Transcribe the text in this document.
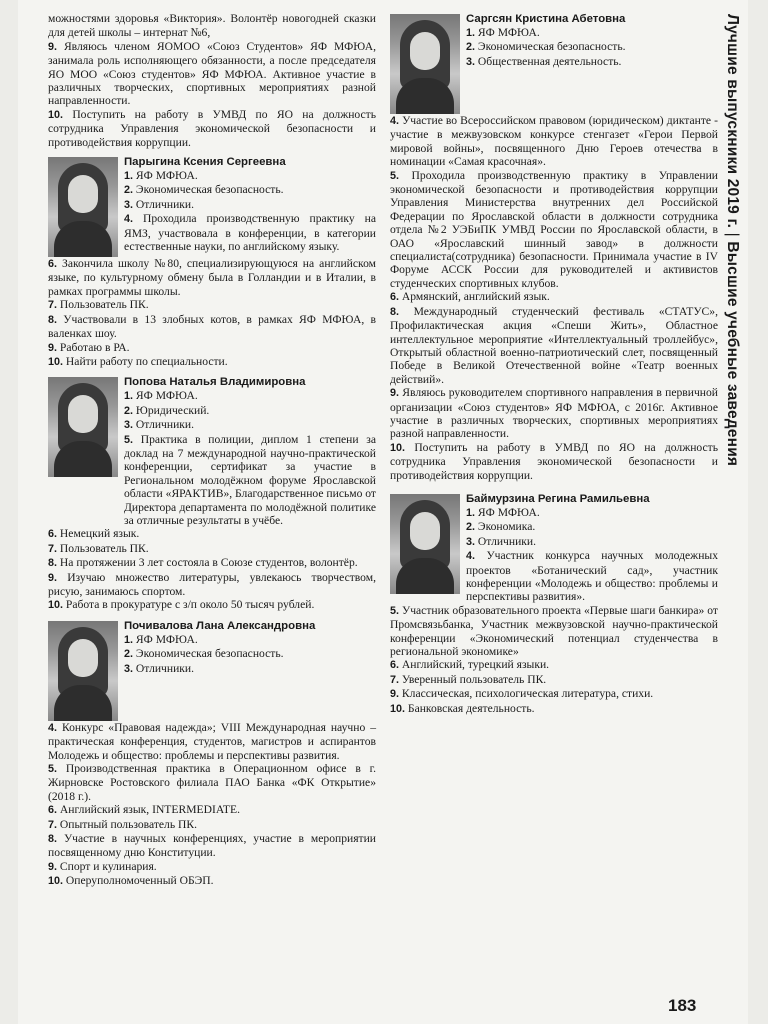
можностями здоровья «Виктория». Волонтёр новогодней сказки для детей школы – интернат №6,

9. Являюсь членом ЯОМОО «Союз Студентов» ЯФ МФЮА, занимала роль исполняющего обязанности, а после председателя ЯО МОО «Союз студентов» ЯФ МФЮА. Активное участие в различных творческих, спортивных мероприятиях разной направленности.

10. Поступить на работу в УМВД по ЯО на должность сотрудника Управления экономической безопасности и противодействия коррупции.

Парыгина Ксения Сергеевна

1. ЯФ МФЮА.

2. Экономическая безопасность.

3. Отличники.

4. Проходила производственную практику на ЯМЗ, участвовала в конференции, в категории естественные науки, по английскому языку.

6. Закончила школу №80, специализирующуюся на английском языке, по культурному обмену была в Голландии и в Италии, в рамках программы школы.

7. Пользователь ПК.

8. Участвовали в 13 злобных котов, в рамках ЯФ МФЮА, в валенках шоу.

9. Работаю в РА.

10. Найти работу по специальности.

Попова Наталья Владимировна

1. ЯФ МФЮА.

2. Юридический.

3. Отличники.

5. Практика в полиции, диплом 1 степени за доклад на 7 международной научно-практической конференции, сертификат за участие в Региональном молодёжном форуме Ярославской области «ЯРАКТИВ», Благодарственное письмо от Директора департамента по молодёжной политике за отличные результаты в учёбе.

6. Немецкий язык.

7. Пользователь ПК.

8. На протяжении 3 лет состояла в Союзе студентов, волонтёр.

9. Изучаю множество литературы, увлекаюсь творчеством, рисую, занимаюсь спортом.

10. Работа в прокуратуре с з/п около 50 тысяч рублей.

Почивалова Лана Александровна

1. ЯФ МФЮА.

2. Экономическая безопасность.

3. Отличники.

4. Конкурс «Правовая надежда»; VIII Международная научно – практическая конференция, студентов, магистров и аспирантов Молодежь и общество: проблемы и перспективы развития.

5. Производственная практика в Операционном офисе в г. Жирновске Ростовского филиала ПАО Банка «ФК Открытие» (2018 г.).

6. Английский язык, INTERMEDIATE.

7. Опытный пользователь ПК.

8. Участие в научных конференциях, участие в мероприятии посвященному дню Конституции.

9. Спорт и кулинария.

10. Оперуполномоченный ОБЭП.

Саргсян Кристина Абетовна

1. ЯФ МФЮА.

2. Экономическая безопасность.

3. Общественная деятельность.

4. Участие во Всероссийском правовом (юридическом) диктанте - участие в межвузовском конкурсе стенгазет «Герои Первой мировой войны», посвященного Дню Героев отечества в номинации «Самая красочная».

5. Проходила производственную практику в Управлении экономической безопасности и противодействия коррупции Управления Министерства внутренних дел Российской Федерации по Ярославской области в должности сотрудника отдела №2 УЭБиПК УМВД России по Ярославской области, в ОАО «Ярославский шинный завод» в должности специалиста(сотрудника) безопасности. Принимала участие в IV Форуме АССК России для руководителей и активистов студенческих спортивных клубов.

6. Армянский, английский язык.

8. Международный студенческий фестиваль «СТАТУС», Профилактическая акция «Спеши Жить», Областное интеллектульное мероприятие «Интеллектуальный троллейбус», Открытый областной военно-патриотический слет, посвященный Победе в Великой Отечественной войне «Театр военных действий».

9. Являюсь руководителем спортивного направления в первичной организации «Союз студентов» ЯФ МФЮА, с 2016г. Активное участие в различных творческих, спортивных мероприятиях разной направленности.

10. Поступить на работу в УМВД по ЯО на должность сотрудника Управления экономической безопасности и противодействия коррупции.

Баймурзина Регина Рамильевна

1. ЯФ МФЮА.

2. Экономика.

3. Отличники.

4. Участник конкурса научных молодежных проектов «Ботанический сад», участник конференции «Молодежь и общество: проблемы и перспективы развития».

5. Участник образовательного проекта «Первые шаги банкира» от Промсвязьбанка, Участник межвузовской научно-практической конференции «Экономический потенциал студенчества в региональной экономике»

6. Английский, турецкий языки.

7. Уверенный пользователь ПК.

9. Классическая, психологическая литература, стихи.

10. Банковская деятельность.

Лучшие выпускники 2019 г. | Высшие учебные заведения
183
